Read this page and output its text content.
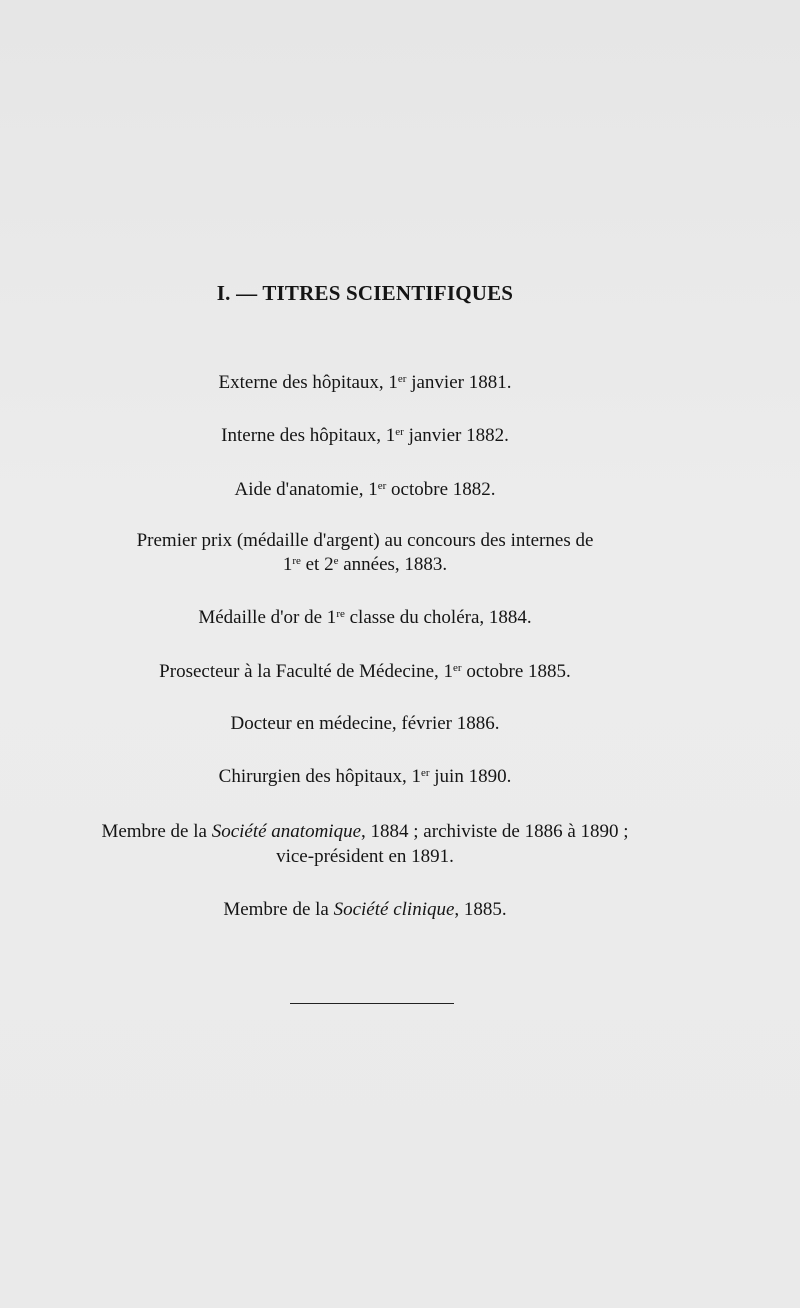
I. — TITRES SCIENTIFIQUES
Externe des hôpitaux, 1er janvier 1881.
Interne des hôpitaux, 1er janvier 1882.
Aide d'anatomie, 1er octobre 1882.
Premier prix (médaille d'argent) au concours des internes de
1re et 2e années, 1883.
Médaille d'or de 1re classe du choléra, 1884.
Prosecteur à la Faculté de Médecine, 1er octobre 1885.
Docteur en médecine, février 1886.
Chirurgien des hôpitaux, 1er juin 1890.
Membre de la Société anatomique, 1884 ; archiviste de 1886 à 1890 ;
vice-président en 1891.
Membre de la Société clinique, 1885.
